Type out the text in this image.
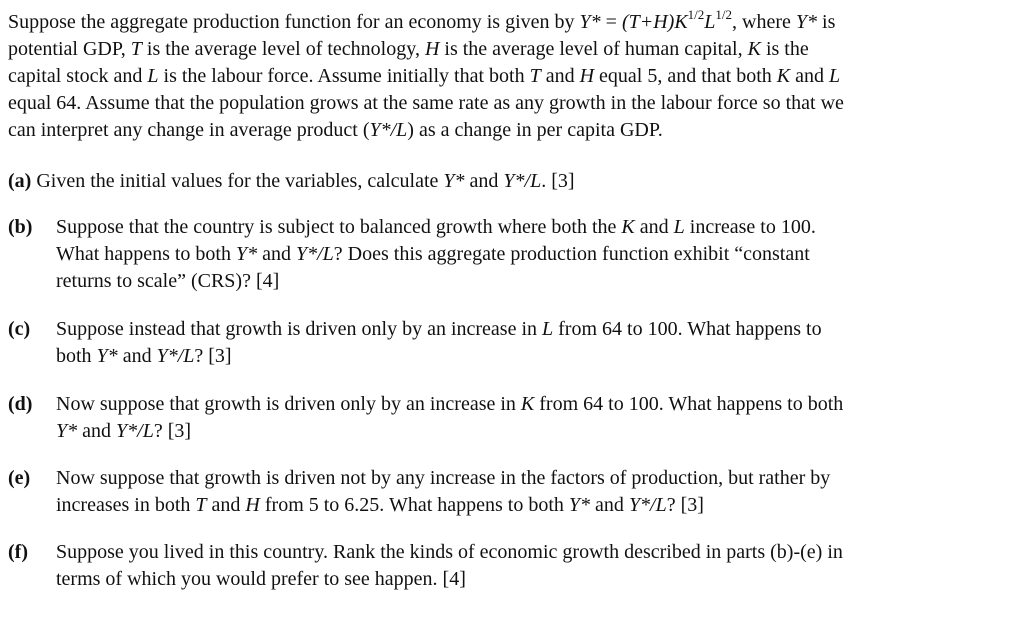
Suppose the aggregate production function for an economy is given by $Y* = (T+H)K^{1/2}L^{1/2}$, where Y* is

potential GDP, T is the average level of technology, H is the average level of human capital, K is the

capital stock and L is the labour force. Assume initially that both T and H equal 5, and that both K and L

equal 64. Assume that the population grows at the same rate as any growth in the labour force so that we

can interpret any change in average product (Y*/L) as a change in per capita GDP.

(a) Given the initial values for the variables, calculate Y* and Y*/L. [3]

(b) Suppose that the country is subject to balanced growth where both the K and L increase to 100.

What happens to both Y* and Y*/L? Does this aggregate production function exhibit “constant

returns to scale” (CRS)? [4]

(c) Suppose instead that growth is driven only by an increase in L from 64 to 100. What happens to

both Y* and Y*/L? [3]

(d) Now suppose that growth is driven only by an increase in K from 64 to 100. What happens to both

Y* and Y*/L? [3]

(e) Now suppose that growth is driven not by any increase in the factors of production, but rather by

increases in both T and H from 5 to 6.25. What happens to both Y* and Y*/L? [3]

(f) Suppose you lived in this country. Rank the kinds of economic growth described in parts (b)-(e) in

terms of which you would prefer to see happen. [4]
